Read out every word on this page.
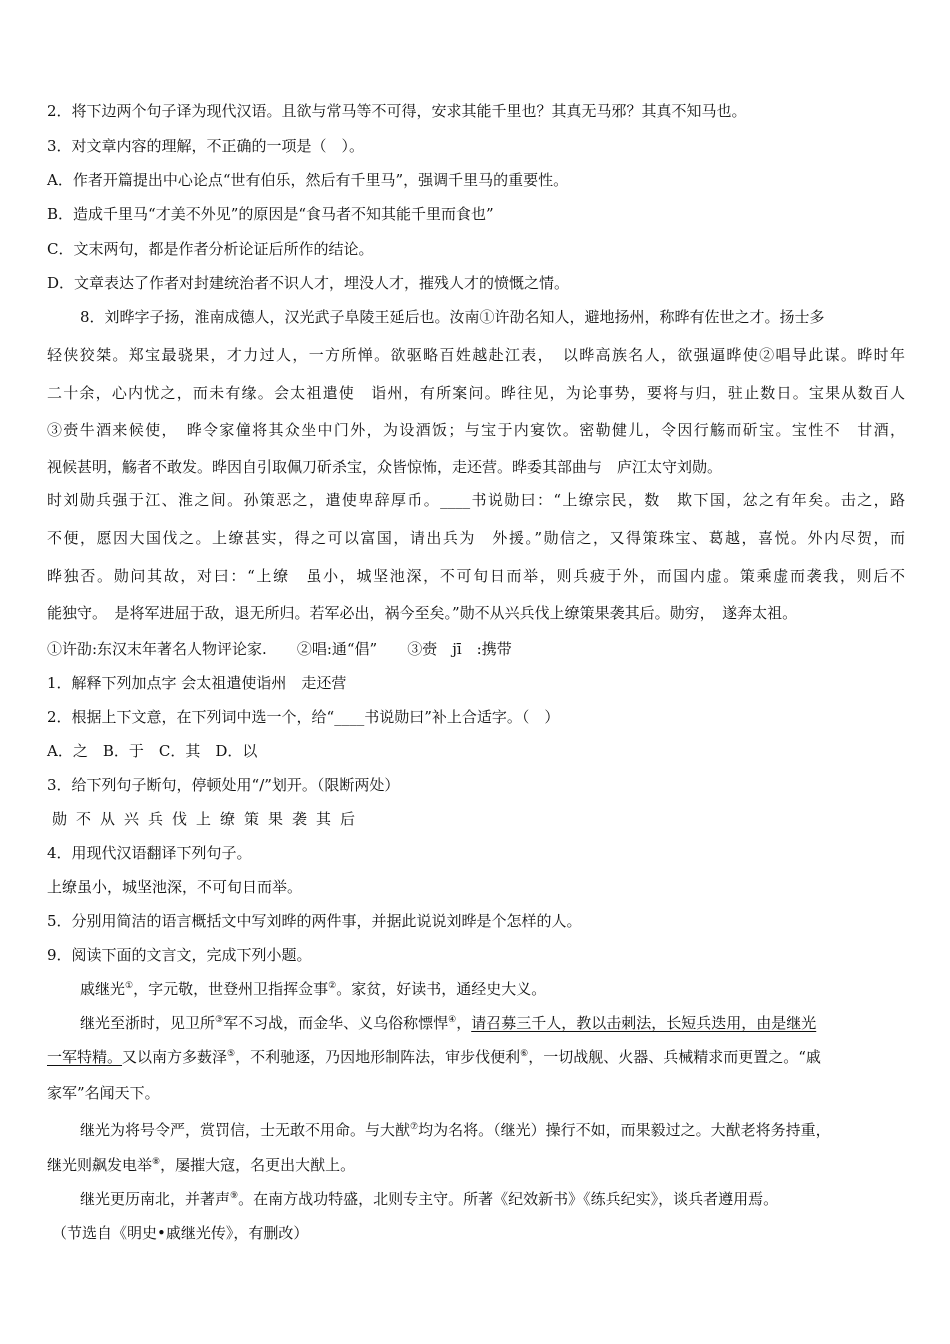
2．将下边两个句子译为现代汉语。且欲与常马等不可得，安求其能千里也？其真无马邪？其真不知马也。
3．对文章内容的理解，不正确的一项是（　）。
A．作者开篇提出中心论点“世有伯乐，然后有千里马”，强调千里马的重要性。
B．造成千里马“才美不外见”的原因是“食马者不知其能千里而食也”
C．文末两句，都是作者分析论证后所作的结论。
D．文章表达了作者对封建统治者不识人才，埋没人才，摧残人才的愤慨之情。
8．刘晔字子扬，淮南成德人，汉光武子阜陵王延后也。汝南①许劭名知人，避地扬州，称晔有佐世之才。扬士多
轻侠狡桀。郑宝最骁果，才力过人，一方所惮。欲驱略百姓越赴江表，　以晔高族名人，欲强逼晔使②唱导此谋。晔时年
二十余，心内忧之，而未有缘。会太祖遣使　诣州，有所案问。晔往见，为论事势，要将与归，驻止数日。宝果从数百人
③赍牛酒来候使，　晔令家僮将其众坐中门外，为设酒饭；与宝于内宴饮。密勒健儿，令因行觞而斫宝。宝性不　甘酒，
视候甚明，觞者不敢发。晔因自引取佩刀斫杀宝，众皆惊怖，走还营。晔委其部曲与　庐江太守刘勋。
时刘勋兵强于江、淮之间。孙策恶之，遣使卑辞厚币。____书说勋曰：“上缭宗民，数　欺下国，忿之有年矣。击之，路
不便，愿因大国伐之。上缭甚实，得之可以富国，请出兵为　外援。”勋信之，又得策珠宝、葛越，喜悦。外内尽贺，而
晔独否。勋问其故，对曰：“上缭　虽小，城坚池深，不可旬日而举，则兵疲于外，而国内虚。策乘虚而袭我，则后不
能独守。　是将军进屈于敌，退无所归。若军必出，祸今至矣。”勋不从兴兵伐上缭策果袭其后。勋穷，　遂奔太祖。
①许劭:东汉末年著名人物评论家.　　②唱:通“倡”　　③赍　jī　:携带
1．解释下列加点字 会太祖遣使诣州　走还营
2．根据上下文意，在下列词中选一个，给“____书说勋曰”补上合适字。（　）
A．之　B．于　C．其　D．以
3．给下列句子断句，停顿处用“/”划开。（限断两处）
勋不从兴兵伐上缭策果袭其后
4．用现代汉语翻译下列句子。
上缭虽小，城坚池深，不可旬日而举。
5．分别用简洁的语言概括文中写刘晔的两件事，并据此说说刘晔是个怎样的人。
9．阅读下面的文言文，完成下列小题。
戚继光①，字元敬，世登州卫指挥佥事②。家贫，好读书，通经史大义。
继光至浙时，见卫所③军不习战，而金华、义乌俗称慓悍④，请召募三千人，教以击刺法，长短兵迭用，由是继光
一军特精。又以南方多薮泽⑤，不利驰逐，乃因地形制阵法，审步伐便利⑥，一切战舰、火器、兵械精求而更置之。“戚
家军”名闻天下。
继光为将号令严，赏罚信，士无敢不用命。与大猷⑦均为名将。（继光）操行不如，而果毅过之。大猷老将务持重，
继光则飙发电举⑧，屡摧大寇，名更出大猷上。
继光更历南北，并著声⑨。在南方战功特盛，北则专主守。所著《纪效新书》《练兵纪实》，谈兵者遵用焉。
（节选自《明史•戚继光传》，有删改）
